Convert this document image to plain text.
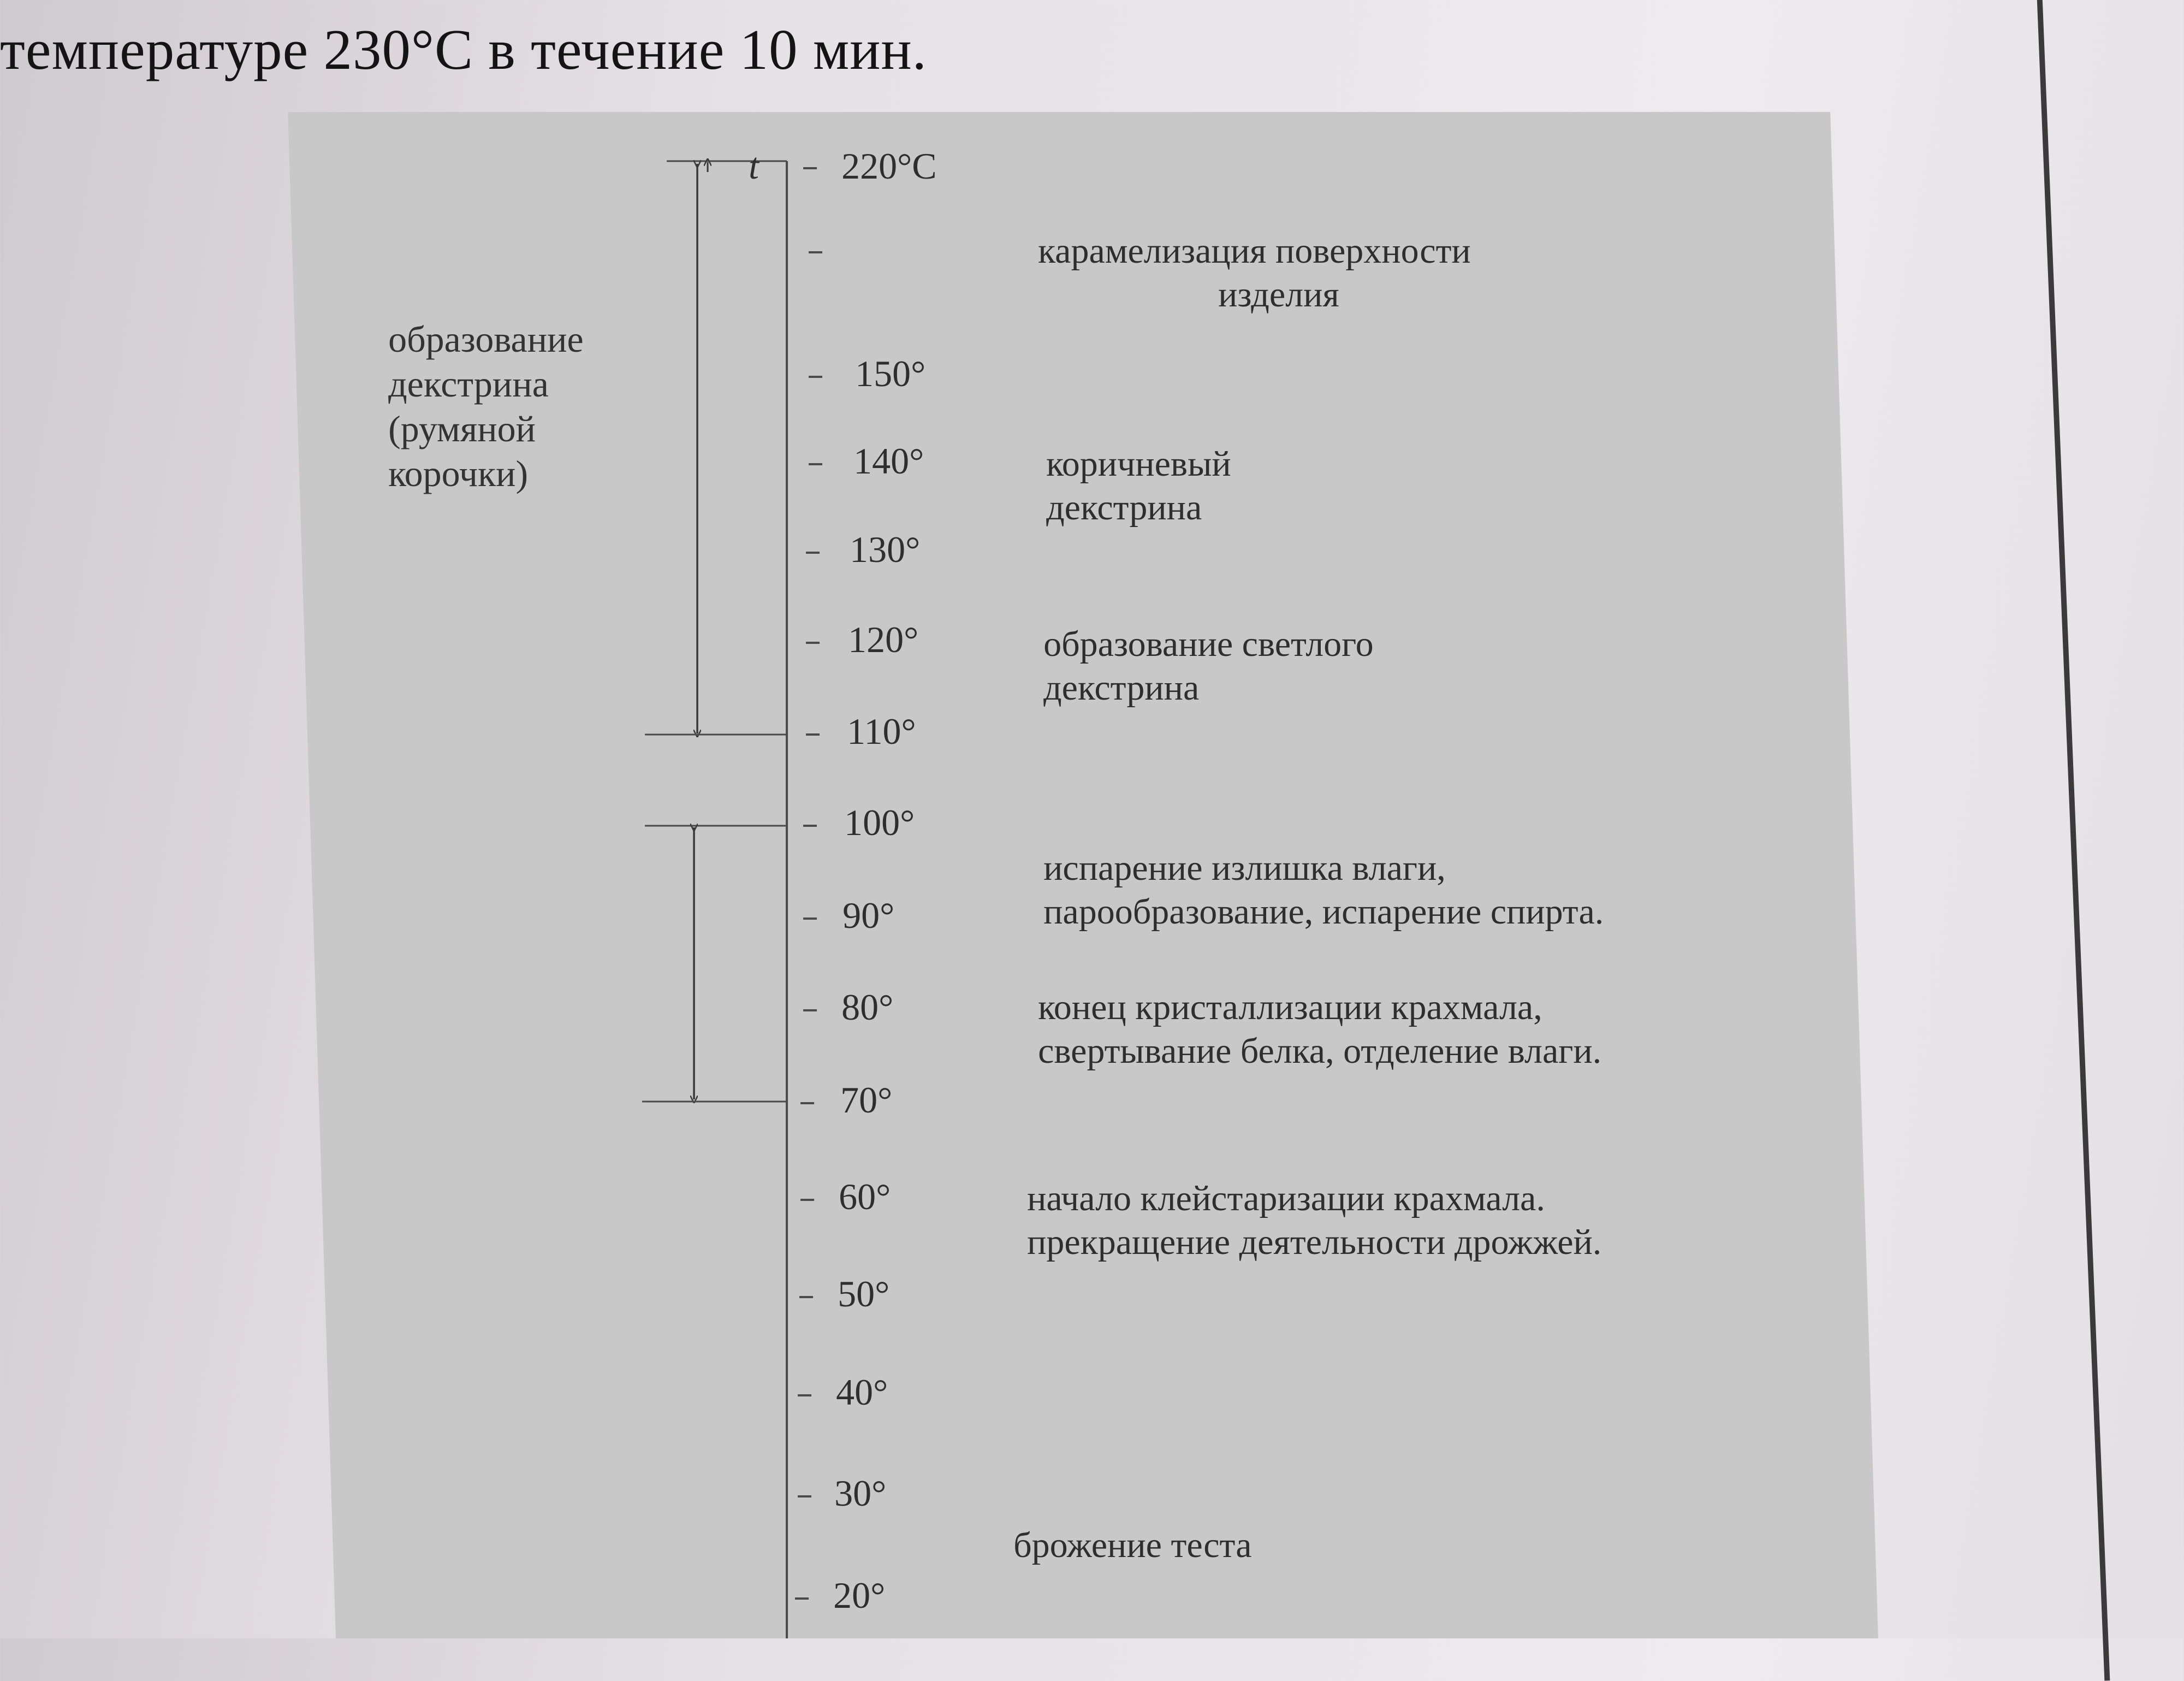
температуре 230°С в течение 10 мин.
t 220°С
150°
140°
130°
120°
110°
100°
90°
80°
70°
60°
50°
40°
30°
20°
образование
декстрина
(румяной
корочки)
карамелизация поверхности
изделия
коричневый
декстрина
образование светлого
декстрина
испарение излишка влаги,
парообразование, испарение спирта.
конец кристаллизации крахмала,
свертывание белка, отделение влаги.
начало клейстаризации крахмала.
прекращение деятельности дрожжей.
брожение теста
